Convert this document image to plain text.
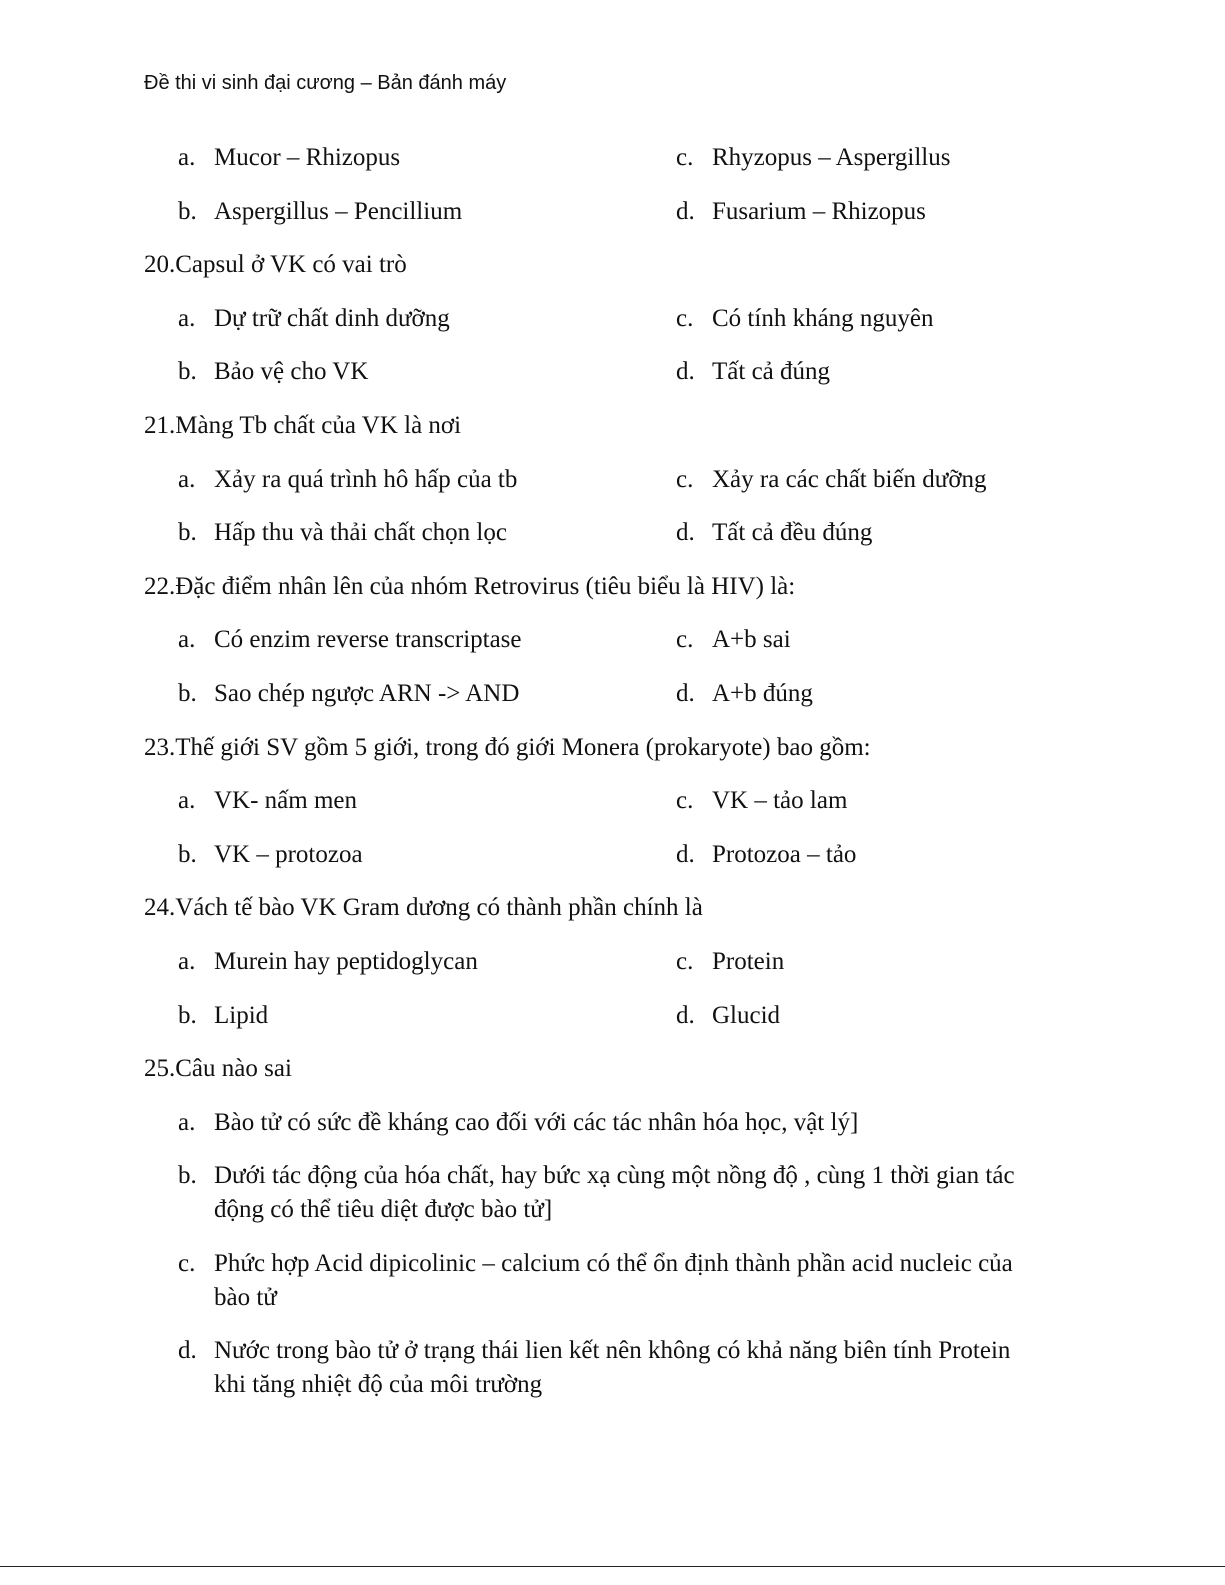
Đề thi vi sinh đại cương – Bản đánh máy
a. Mucor – Rhizopus	c. Rhyzopus – Aspergillus
b. Aspergillus – Pencillium	d. Fusarium – Rhizopus
20.Capsul ở VK có vai trò
a. Dự trữ chất dinh dưỡng	c. Có tính kháng nguyên
b. Bảo vệ cho VK	d. Tất cả đúng
21.Màng Tb chất của VK là nơi
a. Xảy ra quá trình hô hấp của tb	c. Xảy ra các chất biến dưỡng
b. Hấp thu và thải chất chọn lọc	d. Tất cả đều đúng
22.Đặc điểm nhân lên của nhóm Retrovirus (tiêu biểu là HIV) là:
a. Có enzim reverse transcriptase	c. A+b sai
b. Sao chép ngược ARN -> AND	d. A+b đúng
23.Thế giới SV gồm 5 giới, trong đó giới Monera (prokaryote) bao gồm:
a. VK- nấm men	c. VK – tảo lam
b. VK – protozoa	d. Protozoa – tảo
24.Vách tế bào VK Gram dương có thành phần chính là
a. Murein hay peptidoglycan	c. Protein
b. Lipid	d. Glucid
25.Câu nào sai
a. Bào tử có sức đề kháng cao đối với các tác nhân hóa học, vật lý]
b. Dưới tác động của hóa chất, hay bức xạ cùng một nồng độ , cùng 1 thời gian tác động có thể tiêu diệt được bào tử]
c. Phức hợp Acid dipicolinic – calcium có thể ổn định thành phần acid nucleic của bào tử
d. Nước trong bào tử ở trạng thái lien kết nên không có khả năng biên tính Protein khi tăng nhiệt độ của môi trường
